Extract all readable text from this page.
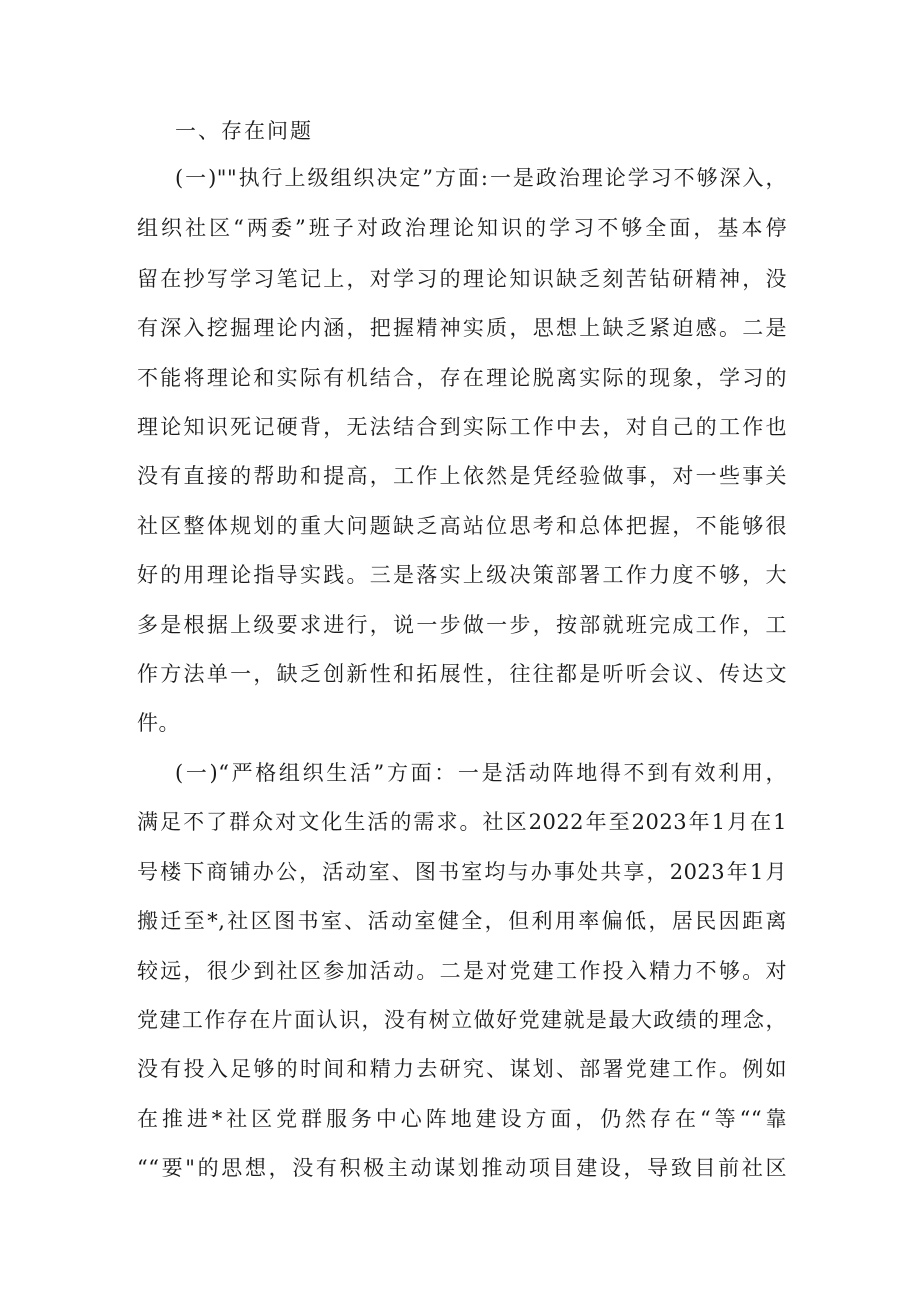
一、存在问题
(一)""执行上级组织决定”方面:一是政治理论学习不够深入，
组织社区“两委”班子对政治理论知识的学习不够全面，基本停
留在抄写学习笔记上，对学习的理论知识缺乏刻苦钻研精神，没
有深入挖掘理论内涵，把握精神实质，思想上缺乏紧迫感。二是
不能将理论和实际有机结合，存在理论脱离实际的现象，学习的
理论知识死记硬背，无法结合到实际工作中去，对自己的工作也
没有直接的帮助和提高，工作上依然是凭经验做事，对一些事关
社区整体规划的重大问题缺乏高站位思考和总体把握，不能够很
好的用理论指导实践。三是落实上级决策部署工作力度不够，大
多是根据上级要求进行，说一步做一步，按部就班完成工作，工
作方法单一，缺乏创新性和拓展性，往往都是听听会议、传达文
件。
(一)“严格组织生活”方面：一是活动阵地得不到有效利用，
满足不了群众对文化生活的需求。社区2022年至2023年1月在1
号楼下商铺办公，活动室、图书室均与办事处共享，2023年1月
搬迁至*,社区图书室、活动室健全，但利用率偏低，居民因距离
较远，很少到社区参加活动。二是对党建工作投入精力不够。对
党建工作存在片面认识，没有树立做好党建就是最大政绩的理念，
没有投入足够的时间和精力去研究、谋划、部署党建工作。例如
在推进*社区党群服务中心阵地建设方面，仍然存在“等““靠
““要"的思想，没有积极主动谋划推动项目建设，导致目前社区
